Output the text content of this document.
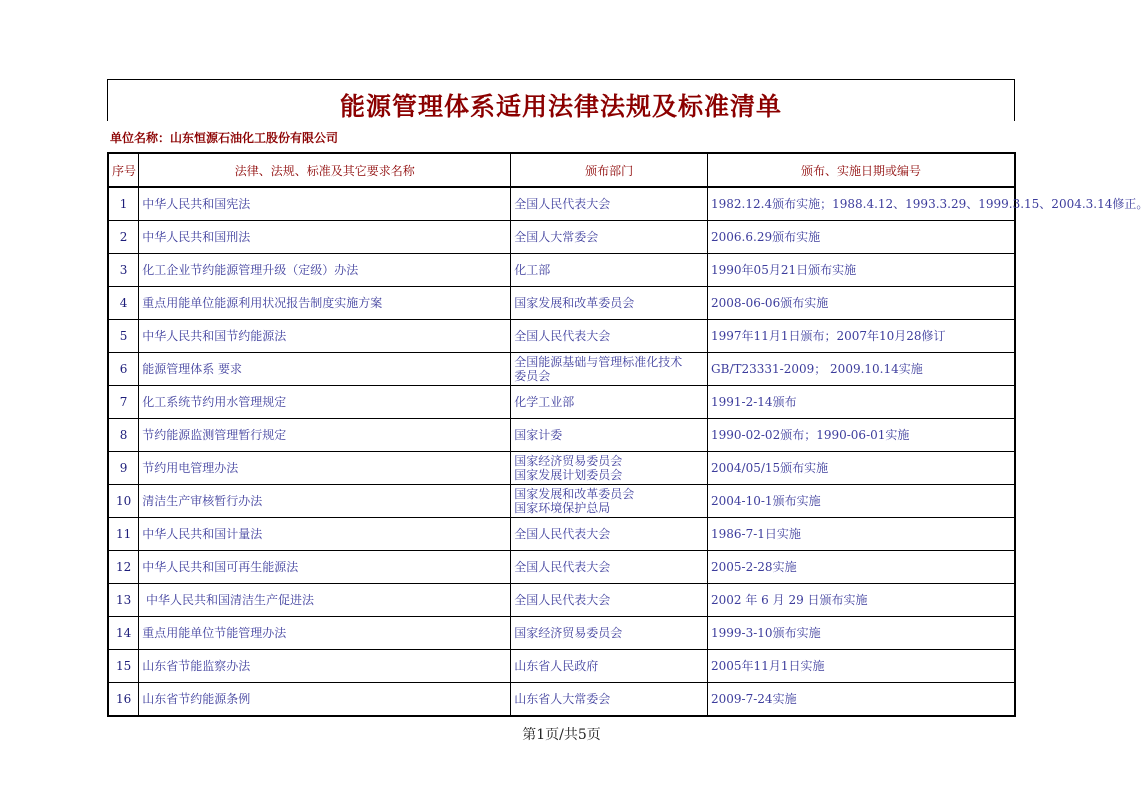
能源管理体系适用法律法规及标准清单
单位名称：山东恒源石油化工股份有限公司
序号	法律、法规、标准及其它要求名称	颁布部门	颁布、实施日期或编号
1	中华人民共和国宪法	全国人民代表大会	1982.12.4颁布实施；1988.4.12、1993.3.29、1999.3.15、2004.3.14修正。
2	中华人民共和国刑法	全国人大常委会	2006.6.29颁布实施
3	化工企业节约能源管理升级（定级）办法	化工部	1990年05月21日颁布实施
4	重点用能单位能源利用状况报告制度实施方案	国家发展和改革委员会	2008-06-06颁布实施
5	中华人民共和国节约能源法	全国人民代表大会	1997年11月1日颁布；2007年10月28修订
6	能源管理体系 要求	全国能源基础与管理标准化技术
委员会	GB/T23331-2009； 2009.10.14实施
7	化工系统节约用水管理规定	化学工业部	1991-2-14颁布
8	节约能源监测管理暂行规定	国家计委	1990-02-02颁布；1990-06-01实施
9	节约用电管理办法	国家经济贸易委员会
国家发展计划委员会	2004/05/15颁布实施
10	清洁生产审核暂行办法	国家发展和改革委员会
国家环境保护总局	2004-10-1颁布实施
11	中华人民共和国计量法	全国人民代表大会	1986-7-1日实施
12	中华人民共和国可再生能源法	全国人民代表大会	2005-2-28实施
13	中华人民共和国清洁生产促进法	全国人民代表大会	2002 年 6 月 29 日颁布实施
14	重点用能单位节能管理办法	国家经济贸易委员会	1999-3-10颁布实施
15	山东省节能监察办法	山东省人民政府	2005年11月1日实施
16	山东省节约能源条例	山东省人大常委会	2009-7-24实施
第1页/共5页
